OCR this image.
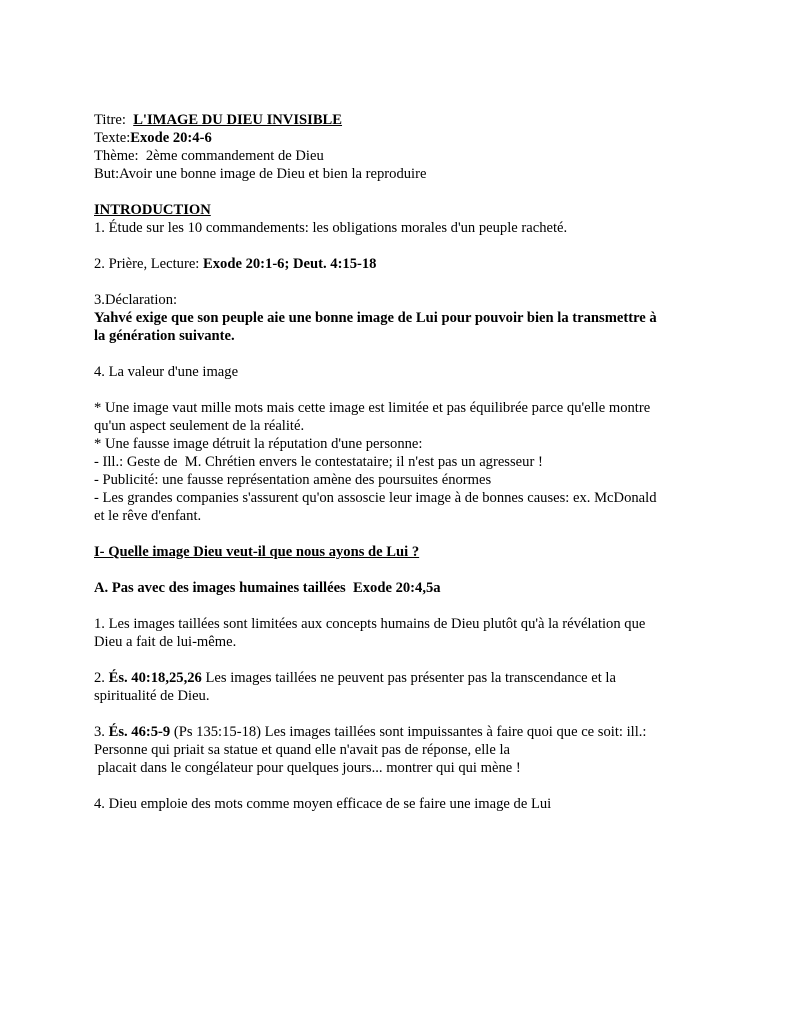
Titre:  L'IMAGE DU DIEU INVISIBLE

Texte:Exode 20:4-6

Thème:  2ème commandement de Dieu

But:Avoir une bonne image de Dieu et bien la reproduire

INTRODUCTION

1. Étude sur les 10 commandements: les obligations morales d'un peuple racheté.

2. Prière, Lecture: Exode 20:1-6; Deut. 4:15-18

3.Déclaration:

Yahvé exige que son peuple aie une bonne image de Lui pour pouvoir bien la transmettre à

la génération suivante.

4. La valeur d'une image

* Une image vaut mille mots mais cette image est limitée et pas équilibrée parce qu'elle montre

qu'un aspect seulement de la réalité.

* Une fausse image détruit la réputation d'une personne:

- Ill.: Geste de  M. Chrétien envers le contestataire; il n'est pas un agresseur !

- Publicité: une fausse représentation amène des poursuites énormes

- Les grandes companies s'assurent qu'on assoscie leur image à de bonnes causes: ex. McDonald

et le rêve d'enfant.

I- Quelle image Dieu veut-il que nous ayons de Lui ?

A. Pas avec des images humaines taillées  Exode 20:4,5a

1. Les images taillées sont limitées aux concepts humains de Dieu plutôt qu'à la révélation que

Dieu a fait de lui-même.

2. És. 40:18,25,26 Les images taillées ne peuvent pas présenter pas la transcendance et la

spiritualité de Dieu.

3. És. 46:5-9 (Ps 135:15-18) Les images taillées sont impuissantes à faire quoi que ce soit: ill.:

Personne qui priait sa statue et quand elle n'avait pas de réponse, elle la

placait dans le congélateur pour quelques jours... montrer qui qui mène !

4. Dieu emploie des mots comme moyen efficace de se faire une image de Lui
